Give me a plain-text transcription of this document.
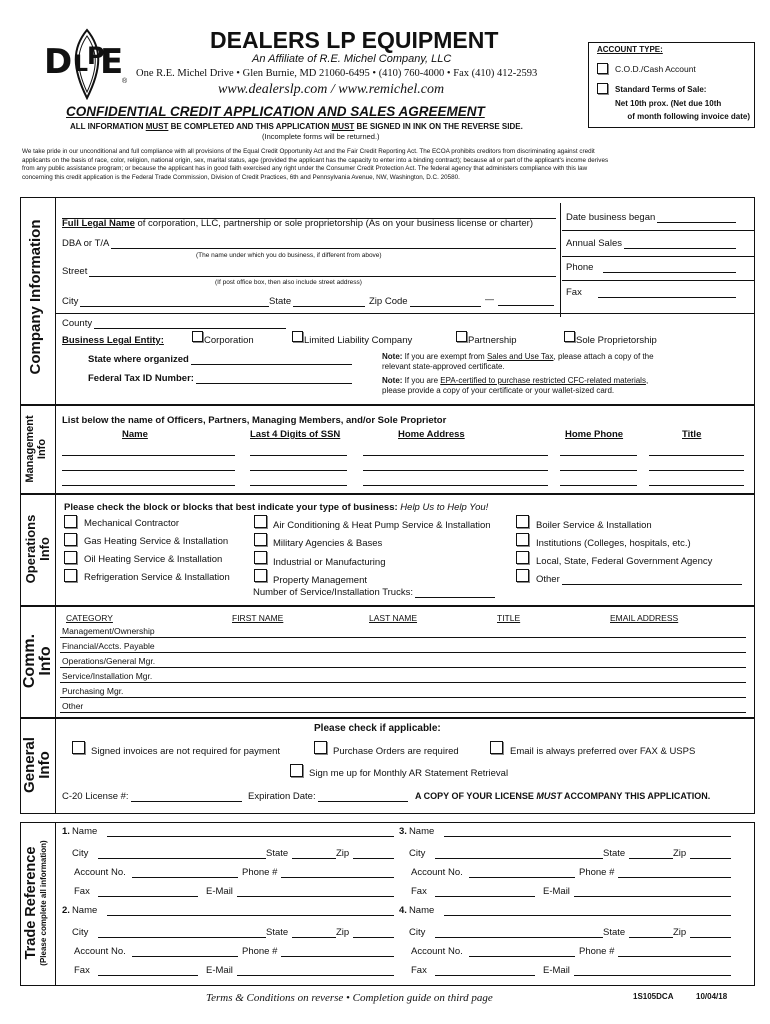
D L
P
E
®
DEALERS LP EQUIPMENT
An Affiliate of R.E. Michel Company, LLC
One R.E. Michel Drive • Glen Burnie, MD 21060-6495 • (410) 760-4000 • Fax (410) 412-2593
www.dealerslp.com / www.remichel.com
CONFIDENTIAL CREDIT APPLICATION AND SALES AGREEMENT
ALL INFORMATION MUST BE COMPLETED AND THIS APPLICATION MUST BE SIGNED IN INK ON THE REVERSE SIDE.
(Incomplete forms will be returned.)
ACCOUNT TYPE:
C.O.D./Cash Account
Standard Terms of Sale:
Net 10th prox. (Net due 10th
of month following invoice date)
We take pride in our unconditional and full compliance with all provisions of the Equal Credit Opportunity Act and the Fair Credit Reporting Act. The ECOA prohibits creditors from discriminating against credit
applicants on the basis of race, color, religion, national origin, sex, marital status, age (provided the applicant has the capacity to enter into a binding contract); because all or part of the applicant's income derives
from any public assistance program; or because the applicant has in good faith exercised any right under the Consumer Credit Protection Act. The federal agency that administers compliance with this law
concerning this credit application is the Federal Trade Commission, Division of Credit Practices, 6th and Pennsylvania Avenue, NW, Washington, D.C. 20580.
Company Information Full Legal Name of corporation, LLC, partnership or sole proprietorship (As on your business license or charter)
DBA or T/A
(The name under which you do business, if different from above)
Street
(If post office box, then also include street address)
City	State	Zip Code	—
Date business began
Annual Sales
Phone
Fax
County
Business Legal Entity:	Corporation	Limited Liability Company	Partnership	Sole Proprietorship
State where organized
Federal Tax ID Number:
Note: If you are exempt from Sales and Use Tax, please attach a copy of the
relevant state-approved certificate.
Note: If you are EPA-certified to purchase restricted CFC-related materials,
please provide a copy of your certificate or your wallet-sized card.
Management
Info
List below the name of Officers, Partners, Managing Members, and/or Sole Proprietor
Name	Last 4 Digits of SSN	Home Address	Home Phone	Title
Operations
Info
Please check the block or blocks that best indicate your type of business: Help Us to Help You!
Mechanical Contractor
Gas Heating Service & Installation
Oil Heating Service & Installation
Refrigeration Service & Installation
Air Conditioning & Heat Pump Service & Installation
Military Agencies & Bases
Industrial or Manufacturing
Property Management
Boiler Service & Installation
Institutions (Colleges, hospitals, etc.)
Local, State, Federal Government Agency
Other
Number of Service/Installation Trucks:
Comm.
Info
CATEGORY	FIRST NAME	LAST NAME	TITLE	EMAIL ADDRESS
Management/Ownership
Financial/Accts. Payable
Operations/General Mgr.
Service/Installation Mgr.
Purchasing Mgr.
Other
General
Info
Please check if applicable:
Signed invoices are not required for payment	Purchase Orders are required	Email is always preferred over FAX & USPS
Sign me up for Monthly AR Statement Retrieval
C-20 License #:	Expiration Date:	A COPY OF YOUR LICENSE MUST ACCOMPANY THIS APPLICATION.
Trade Reference (Please complete all information)
1. Name
City	State	Zip
Account No.	Phone #
Fax	E-Mail
2. Name
City	State	Zip
Account No.	Phone #
Fax	E-Mail
3. Name
City	State	Zip
Account No.	Phone #
Fax	E-Mail
4. Name
City	State	Zip
Account No.	Phone #
Fax	E-Mail
Terms & Conditions on reverse • Completion guide on third page	1S105DCA	10/04/18
